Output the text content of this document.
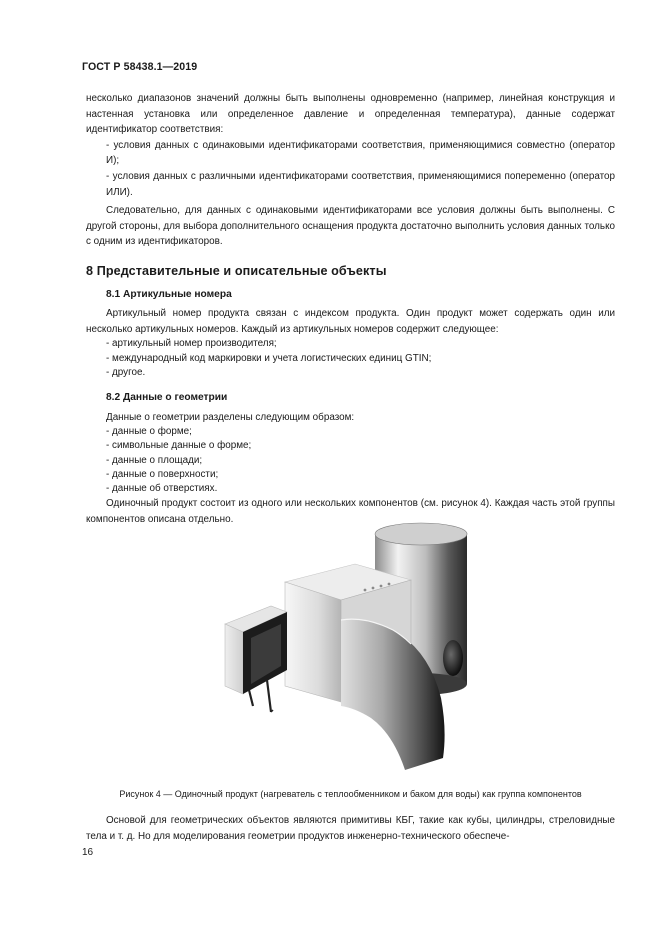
ГОСТ Р 58438.1—2019

несколько диапазонов значений должны быть выполнены одновременно (например, линейная конструкция и настенная установка или определенное давление и определенная температура), данные содержат идентификатор соответствия:

- условия данных с одинаковыми идентификаторами соответствия, применяющимися совместно (оператор И);

- условия данных с различными идентификаторами соответствия, применяющимися попеременно (оператор ИЛИ).

Следовательно, для данных с одинаковыми идентификаторами все условия должны быть выполнены. С другой стороны, для выбора дополнительного оснащения продукта достаточно выполнить условия данных только с одним из идентификаторов.

8 Представительные и описательные объекты
8.1 Артикульные номера

Артикульный номер продукта связан с индексом продукта. Один продукт может содержать один или несколько артикульных номеров. Каждый из артикульных номеров содержит следующее:

- артикульный номер производителя;
- международный код маркировки и учета логистических единиц GTIN;
- другое.
8.2 Данные о геометрии

Данные о геометрии разделены следующим образом:

- данные о форме;
- символьные данные о форме;
- данные о площади;
- данные о поверхности;
- данные об отверстиях.

Одиночный продукт состоит из одного или нескольких компонентов (см. рисунок 4). Каждая часть этой группы компонентов описана отдельно.

Рисунок 4 — Одиночный продукт (нагреватель с теплообменником и баком для воды) как группа компонентов

Основой для геометрических объектов являются примитивы КБГ, такие как кубы, цилиндры, стреловидные тела и т. д. Но для моделирования геометрии продуктов инженерно-технического обеспече-

16
